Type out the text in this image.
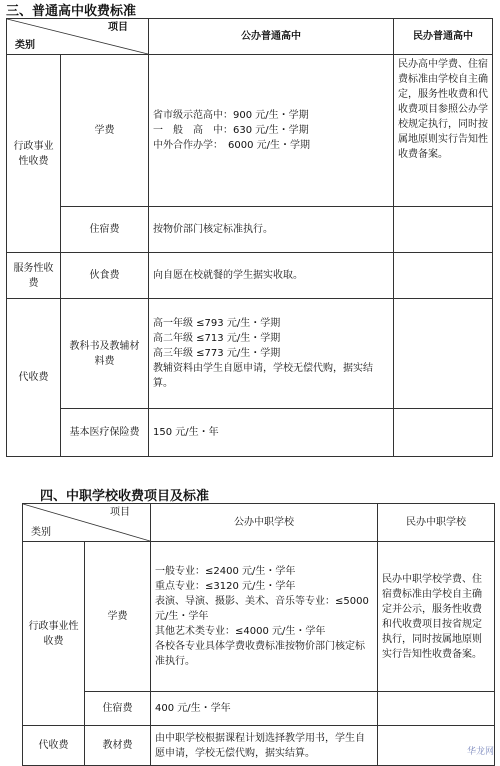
三、普通高中收费标准
项目
类别		公办普通高中	民办普通高中
行政事业性收费	学费	省市级示范高中：900 元/生・学期
一　般　高　中：630 元/生・学期
中外合作办学：　6000 元/生・学期	民办高中学费、住宿费标准由学校自主确定，服务性收费和代收费项目参照公办学校规定执行，同时按属地原则实行告知性收费备案。
	住宿费	按物价部门核定标准执行。	
服务性收费	伙食费	向自愿在校就餐的学生据实收取。	
代收费	教科书及教辅材料费	高一年级 ≤793 元/生・学期
高二年级 ≤713 元/生・学期
高三年级 ≤773 元/生・学期
教辅资料由学生自愿申请，学校无偿代购，据实结算。	
	基本医疗保险费	150 元/生・年	
四、中职学校收费项目及标准
项目
类别		公办中职学校	民办中职学校
行政事业性收费	学费	一般专业：≤2400 元/生・学年
重点专业：≤3120 元/生・学年
表演、导演、摄影、美术、音乐等专业：≤5000 元/生・学年
其他艺术类专业：≤4000 元/生・学年
各校各专业具体学费收费标准按物价部门核定标准执行。	民办中职学校学费、住宿费标准由学校自主确定并公示，服务性收费和代收费项目按省规定执行，同时按属地原则实行告知性收费备案。
	住宿费	400 元/生・学年	
代收费	教材费	由中职学校根据课程计划选择教学用书，学生自愿申请，学校无偿代购，据实结算。		华龙网
